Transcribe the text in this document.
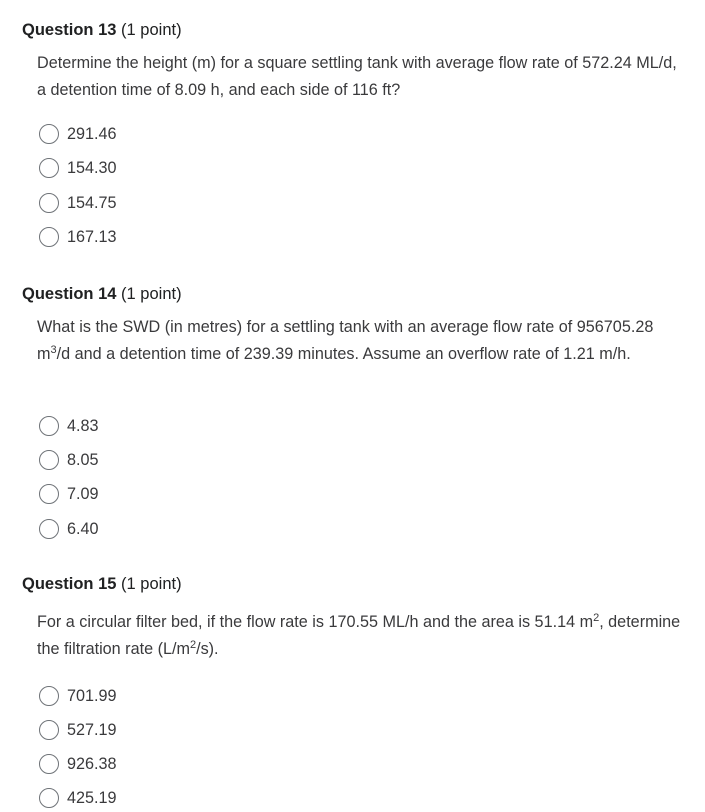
Question 13 (1 point)
Determine the height (m) for a square settling tank with average flow rate of 572.24 ML/d, a detention time of 8.09 h, and each side of 116 ft?
291.46
154.30
154.75
167.13
Question 14 (1 point)
What is the SWD (in metres) for a settling tank with an average flow rate of 956705.28 $m^3/d$ and a detention time of 239.39 minutes. Assume an overflow rate of 1.21 m/h.
4.83
8.05
7.09
6.40
Question 15 (1 point)
For a circular filter bed, if the flow rate is 170.55 ML/h and the area is 51.14 $m^2$, determine the filtration rate $(L/m^2/s)$.
701.99
527.19
926.38
425.19
